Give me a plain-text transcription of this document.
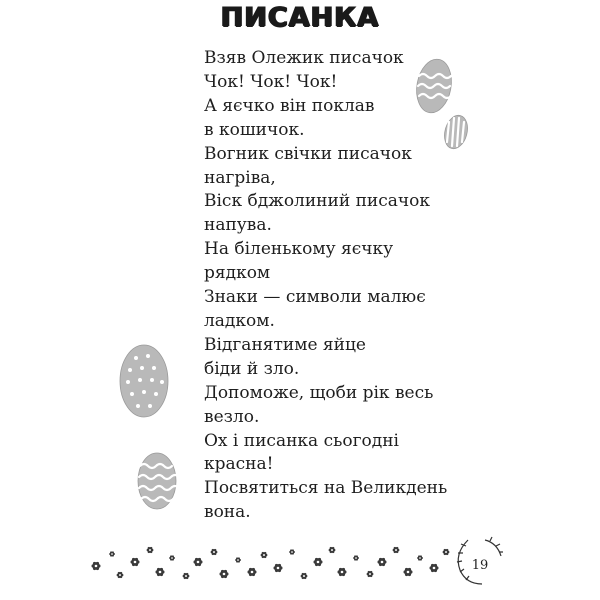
ПИСАНКА
Взяв Олежик писачок
Чок! Чок! Чок!
А яєчко він поклав
в кошичок.
Вогник свічки писачок
нагріва,
Віск бджолиний писачок
напува.
На біленькому яєчку
рядком
Знаки — символи малює
ладком.
Відганятиме яйце
біди й зло.
Допоможе, щоби рік весь
везло.
Ох і писанка сьогодні
красна!
Посвятиться на Великдень
вона.
19
